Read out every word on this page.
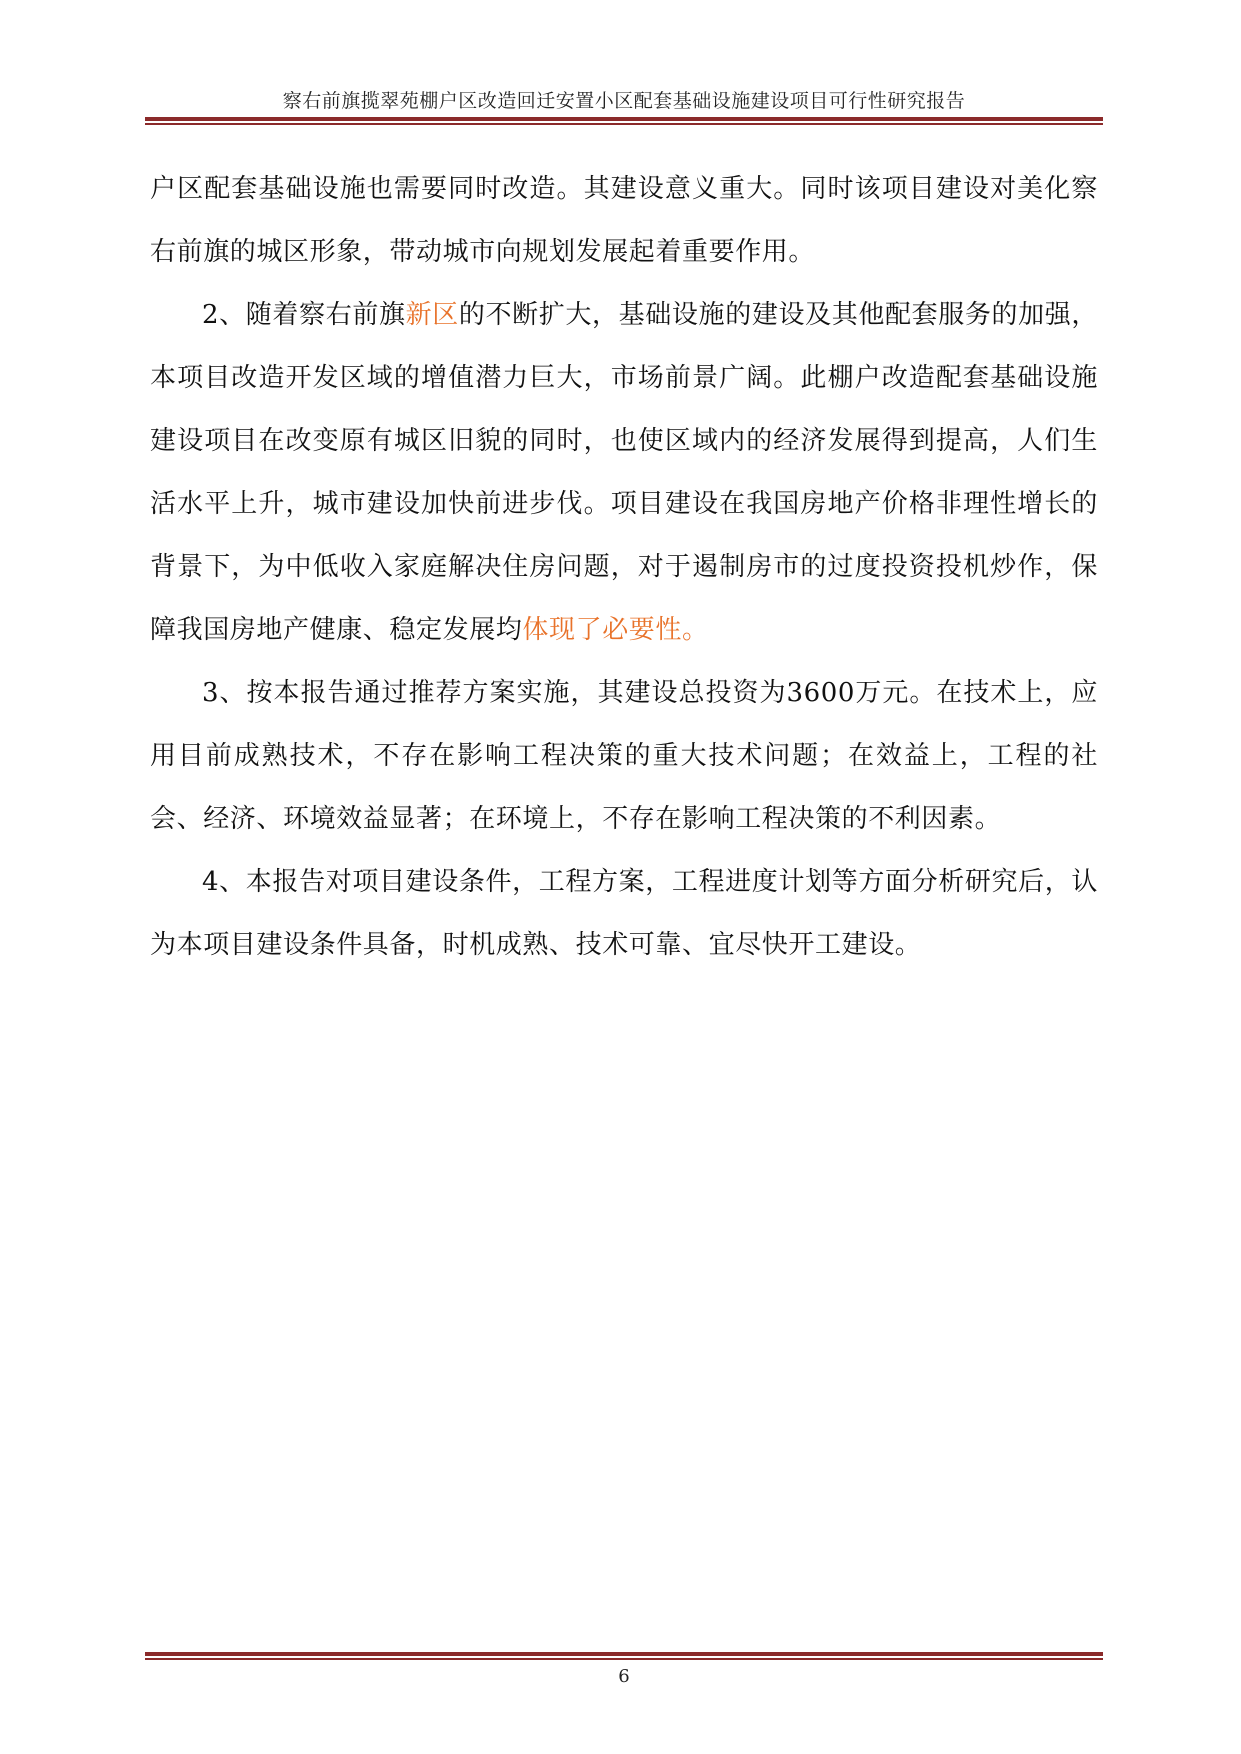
察右前旗揽翠苑棚户区改造回迁安置小区配套基础设施建设项目可行性研究报告

户区配套基础设施也需要同时改造。其建设意义重大。同时该项目建设对美化察右前旗的城区形象，带动城市向规划发展起着重要作用。

2、随着察右前旗新区的不断扩大，基础设施的建设及其他配套服务的加强，本项目改造开发区域的增值潜力巨大，市场前景广阔。此棚户改造配套基础设施建设项目在改变原有城区旧貌的同时，也使区域内的经济发展得到提高，人们生活水平上升，城市建设加快前进步伐。项目建设在我国房地产价格非理性增长的背景下，为中低收入家庭解决住房问题，对于遏制房市的过度投资投机炒作，保障我国房地产健康、稳定发展均体现了必要性。

3、按本报告通过推荐方案实施，其建设总投资为3600万元。在技术上，应用目前成熟技术，不存在影响工程决策的重大技术问题；在效益上，工程的社会、经济、环境效益显著；在环境上，不存在影响工程决策的不利因素。

4、本报告对项目建设条件，工程方案，工程进度计划等方面分析研究后，认为本项目建设条件具备，时机成熟、技术可靠、宜尽快开工建设。

6
